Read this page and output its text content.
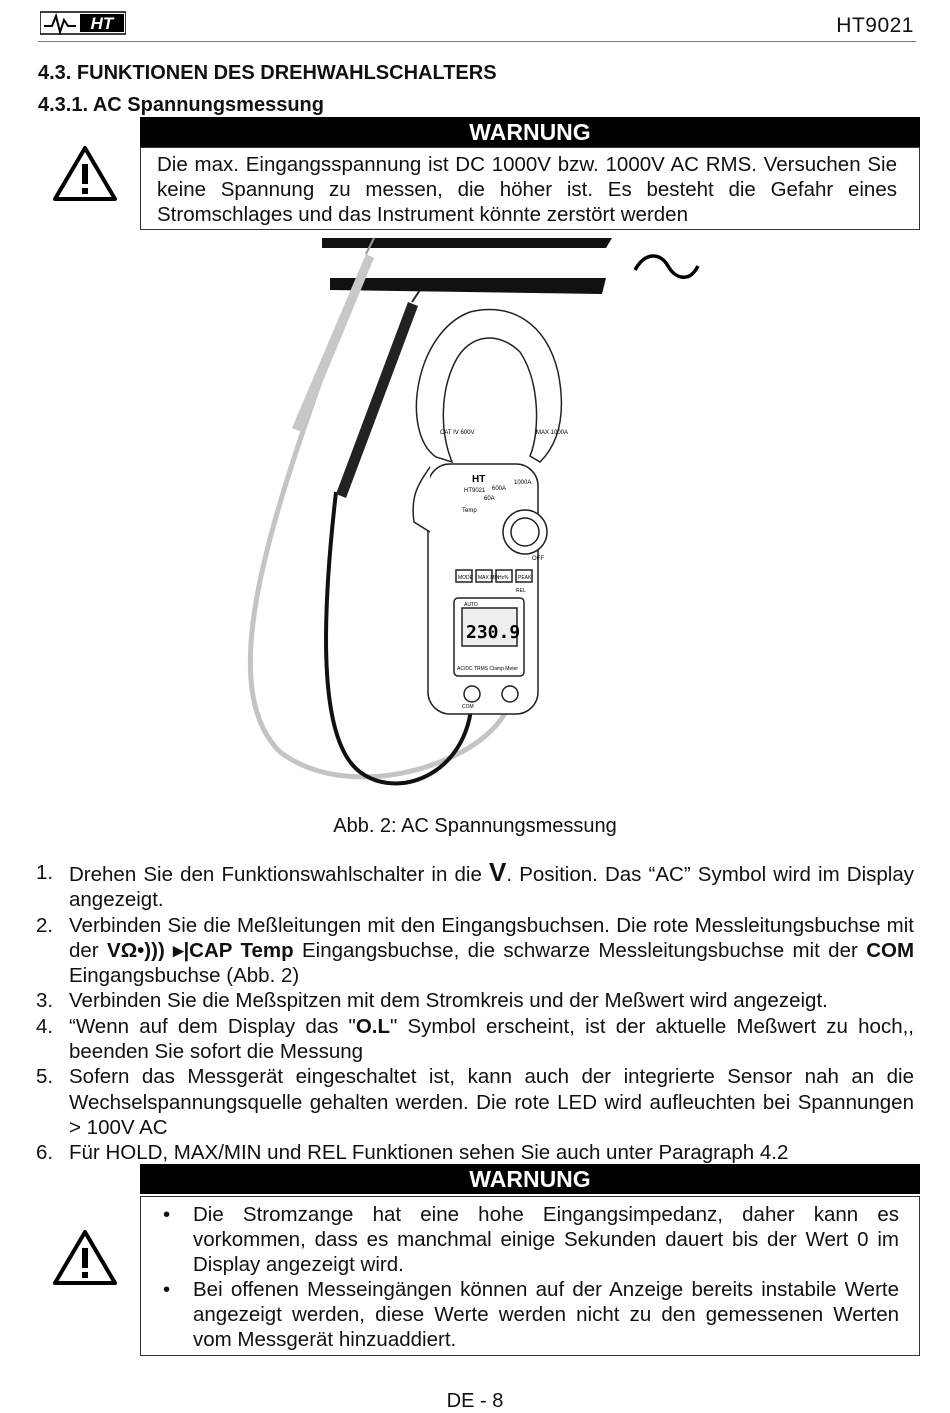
HT	HT9021
4.3. FUNKTIONEN DES DREHWAHLSCHALTERS
4.3.1. AC Spannungsmessung
WARNUNG
Die max. Eingangsspannung ist DC 1000V bzw. 1000V AC RMS. Versuchen Sie keine Spannung zu messen, die höher ist. Es besteht die Gefahr eines Stromschlages und das Instrument könnte zerstört werden
HT
HT9021
CAT IV 600V	MAX 1000A
600A
1000A
60A
Temp
OFF
MODE MAX MIN
Hz% PEAK
REL
AUTO
230.9
AC/DC TRMS Clamp Meter
COM
Abb. 2: AC Spannungsmessung
1. Drehen Sie den Funktionswahlschalter in die V. Position. Das “AC” Symbol wird im Display angezeigt.
2. Verbinden Sie die Meßleitungen mit den Eingangsbuchsen. Die rote Messleitungsbuchse mit der VΩ•))) ▸|CAP Temp Eingangsbuchse, die schwarze Messleitungsbuchse mit der COM Eingangsbuchse (Abb. 2)
3. Verbinden Sie die Meßspitzen mit dem Stromkreis und der Meßwert wird angezeigt.
4. “Wenn auf dem Display das "O.L" Symbol erscheint, ist der aktuelle Meßwert zu hoch,, beenden Sie sofort die Messung
5. Sofern das Messgerät eingeschaltet ist, kann auch der integrierte Sensor nah an die Wechselspannungsquelle gehalten werden. Die rote LED wird aufleuchten bei Spannungen > 100V AC
6. Für HOLD, MAX/MIN und REL Funktionen sehen Sie auch unter Paragraph 4.2
WARNUNG
• Die Stromzange hat eine hohe Eingangsimpedanz, daher kann es vorkommen, dass es manchmal einige Sekunden dauert bis der Wert 0 im Display angezeigt wird.
• Bei offenen Messeingängen können auf der Anzeige bereits instabile Werte angezeigt werden, diese Werte werden nicht zu den gemessenen Werten vom Messgerät hinzuaddiert.
DE - 8
